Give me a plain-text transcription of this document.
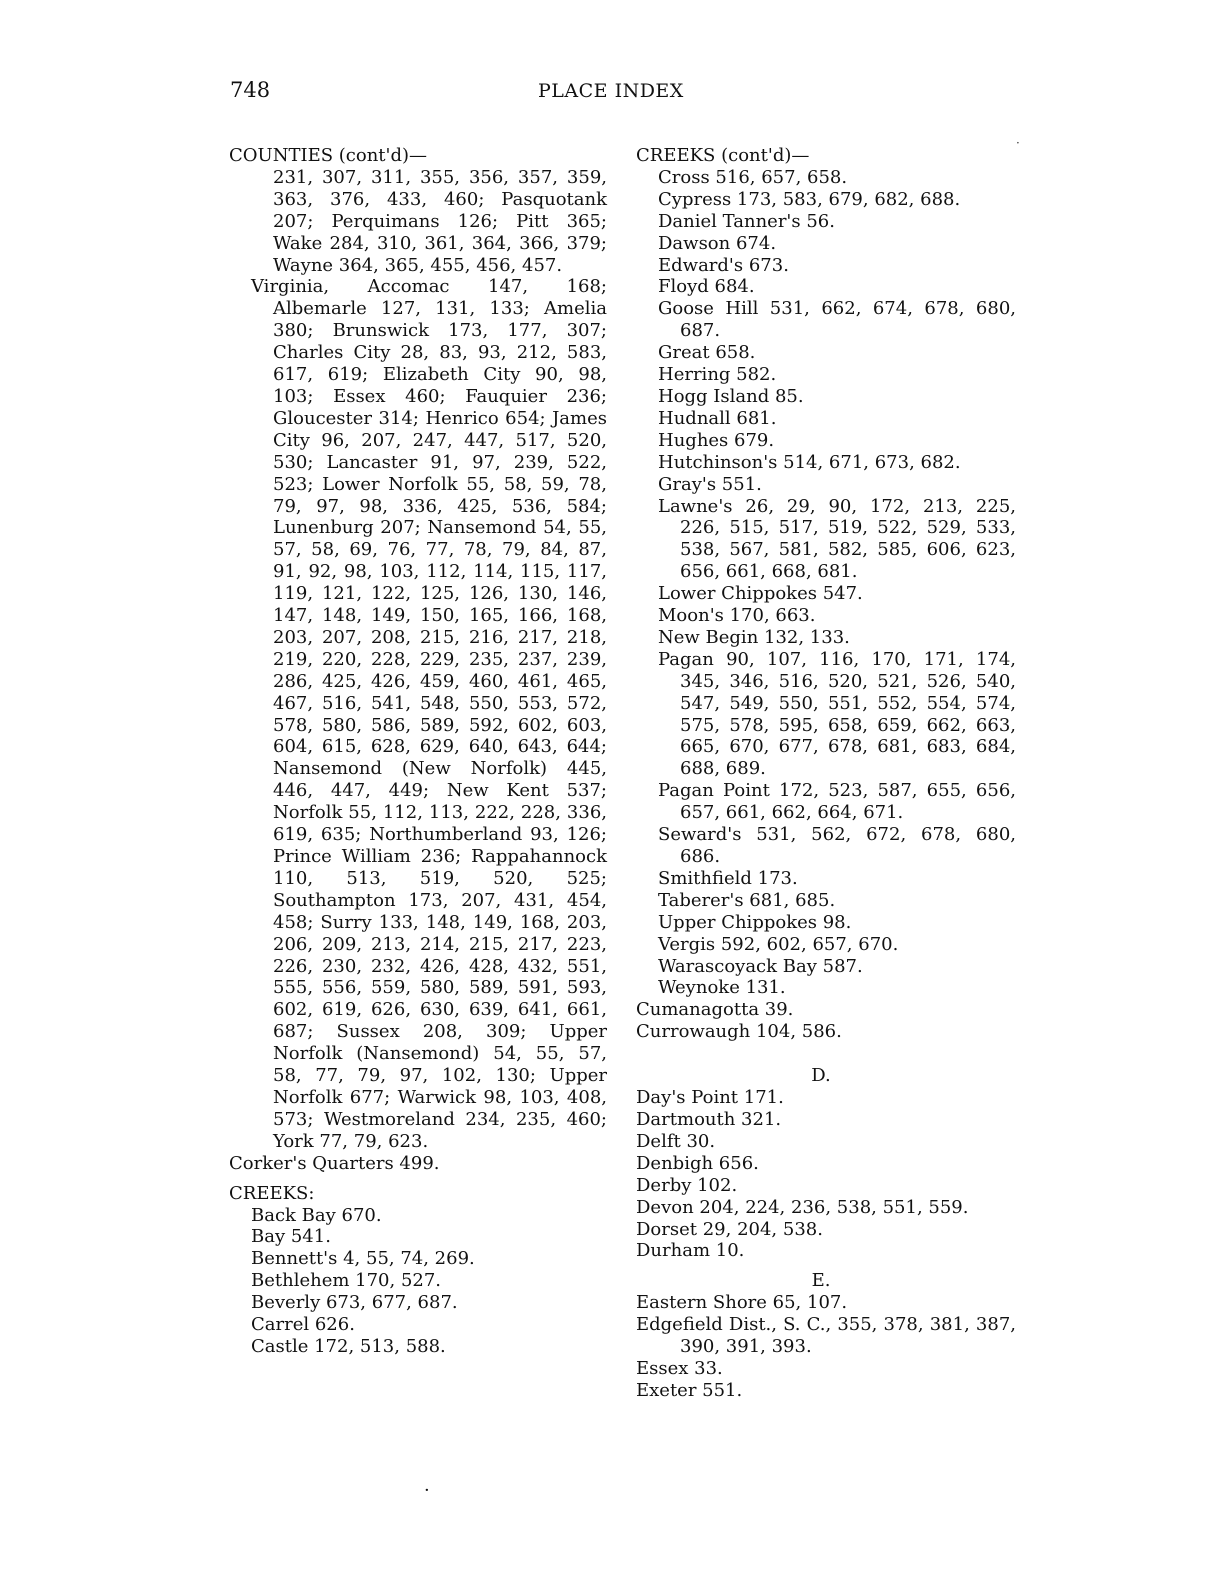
748	PLACE INDEX
·

COUNTIES (cont'd)—
231, 307, 311, 355, 356, 357, 359, 363, 376, 433, 460; Pasquotank 207; Perquimans 126; Pitt 365; Wake 284, 310, 361, 364, 366, 379; Wayne 364, 365, 455, 456, 457.

Virginia, Accomac 147, 168; Albemarle 127, 131, 133; Amelia 380; Brunswick 173, 177, 307; Charles City 28, 83, 93, 212, 583, 617, 619; Elizabeth City 90, 98, 103; Essex 460; Fauquier 236; Gloucester 314; Henrico 654; James City 96, 207, 247, 447, 517, 520, 530; Lancaster 91, 97, 239, 522, 523; Lower Norfolk 55, 58, 59, 78, 79, 97, 98, 336, 425, 536, 584; Lunenburg 207; Nansemond 54, 55, 57, 58, 69, 76, 77, 78, 79, 84, 87, 91, 92, 98, 103, 112, 114, 115, 117, 119, 121, 122, 125, 126, 130, 146, 147, 148, 149, 150, 165, 166, 168, 203, 207, 208, 215, 216, 217, 218, 219, 220, 228, 229, 235, 237, 239, 286, 425, 426, 459, 460, 461, 465, 467, 516, 541, 548, 550, 553, 572, 578, 580, 586, 589, 592, 602, 603, 604, 615, 628, 629, 640, 643, 644; Nansemond (New Norfolk) 445, 446, 447, 449; New Kent 537; Norfolk 55, 112, 113, 222, 228, 336, 619, 635; Northumberland 93, 126; Prince William 236; Rappahannock 110, 513, 519, 520, 525; Southampton 173, 207, 431, 454, 458; Surry 133, 148, 149, 168, 203, 206, 209, 213, 214, 215, 217, 223, 226, 230, 232, 426, 428, 432, 551, 555, 556, 559, 580, 589, 591, 593, 602, 619, 626, 630, 639, 641, 661, 687; Sussex 208, 309; Upper Norfolk (Nansemond) 54, 55, 57, 58, 77, 79, 97, 102, 130; Upper Norfolk 677; Warwick 98, 103, 408, 573; Westmoreland 234, 235, 460; York 77, 79, 623.

Corker's Quarters 499.

CREEKS:

Back Bay 670.

Bay 541.

Bennett's 4, 55, 74, 269.

Bethlehem 170, 527.

Beverly 673, 677, 687.

Carrel 626.

Castle 172, 513, 588.

CREEKS (cont'd)—

Cross 516, 657, 658.

Cypress 173, 583, 679, 682, 688.

Daniel Tanner's 56.

Dawson 674.

Edward's 673.

Floyd 684.

Goose Hill 531, 662, 674, 678, 680, 687.

Great 658.

Herring 582.

Hogg Island 85.

Hudnall 681.

Hughes 679.

Hutchinson's 514, 671, 673, 682.

Gray's 551.

Lawne's 26, 29, 90, 172, 213, 225, 226, 515, 517, 519, 522, 529, 533, 538, 567, 581, 582, 585, 606, 623, 656, 661, 668, 681.

Lower Chippokes 547.

Moon's 170, 663.

New Begin 132, 133.

Pagan 90, 107, 116, 170, 171, 174, 345, 346, 516, 520, 521, 526, 540, 547, 549, 550, 551, 552, 554, 574, 575, 578, 595, 658, 659, 662, 663, 665, 670, 677, 678, 681, 683, 684, 688, 689.

Pagan Point 172, 523, 587, 655, 656, 657, 661, 662, 664, 671.

Seward's 531, 562, 672, 678, 680, 686.

Smithfield 173.

Taberer's 681, 685.

Upper Chippokes 98.

Vergis 592, 602, 657, 670.

Warascoyack Bay 587.

Weynoke 131.

Cumanagotta 39.

Currowaugh 104, 586.

D.

Day's Point 171.

Dartmouth 321.

Delft 30.

Denbigh 656.

Derby 102.

Devon 204, 224, 236, 538, 551, 559.

Dorset 29, 204, 538.

Durham 10.

E.

Eastern Shore 65, 107.

Edgefield Dist., S. C., 355, 378, 381, 387, 390, 391, 393.

Essex 33.

Exeter 551.

·
